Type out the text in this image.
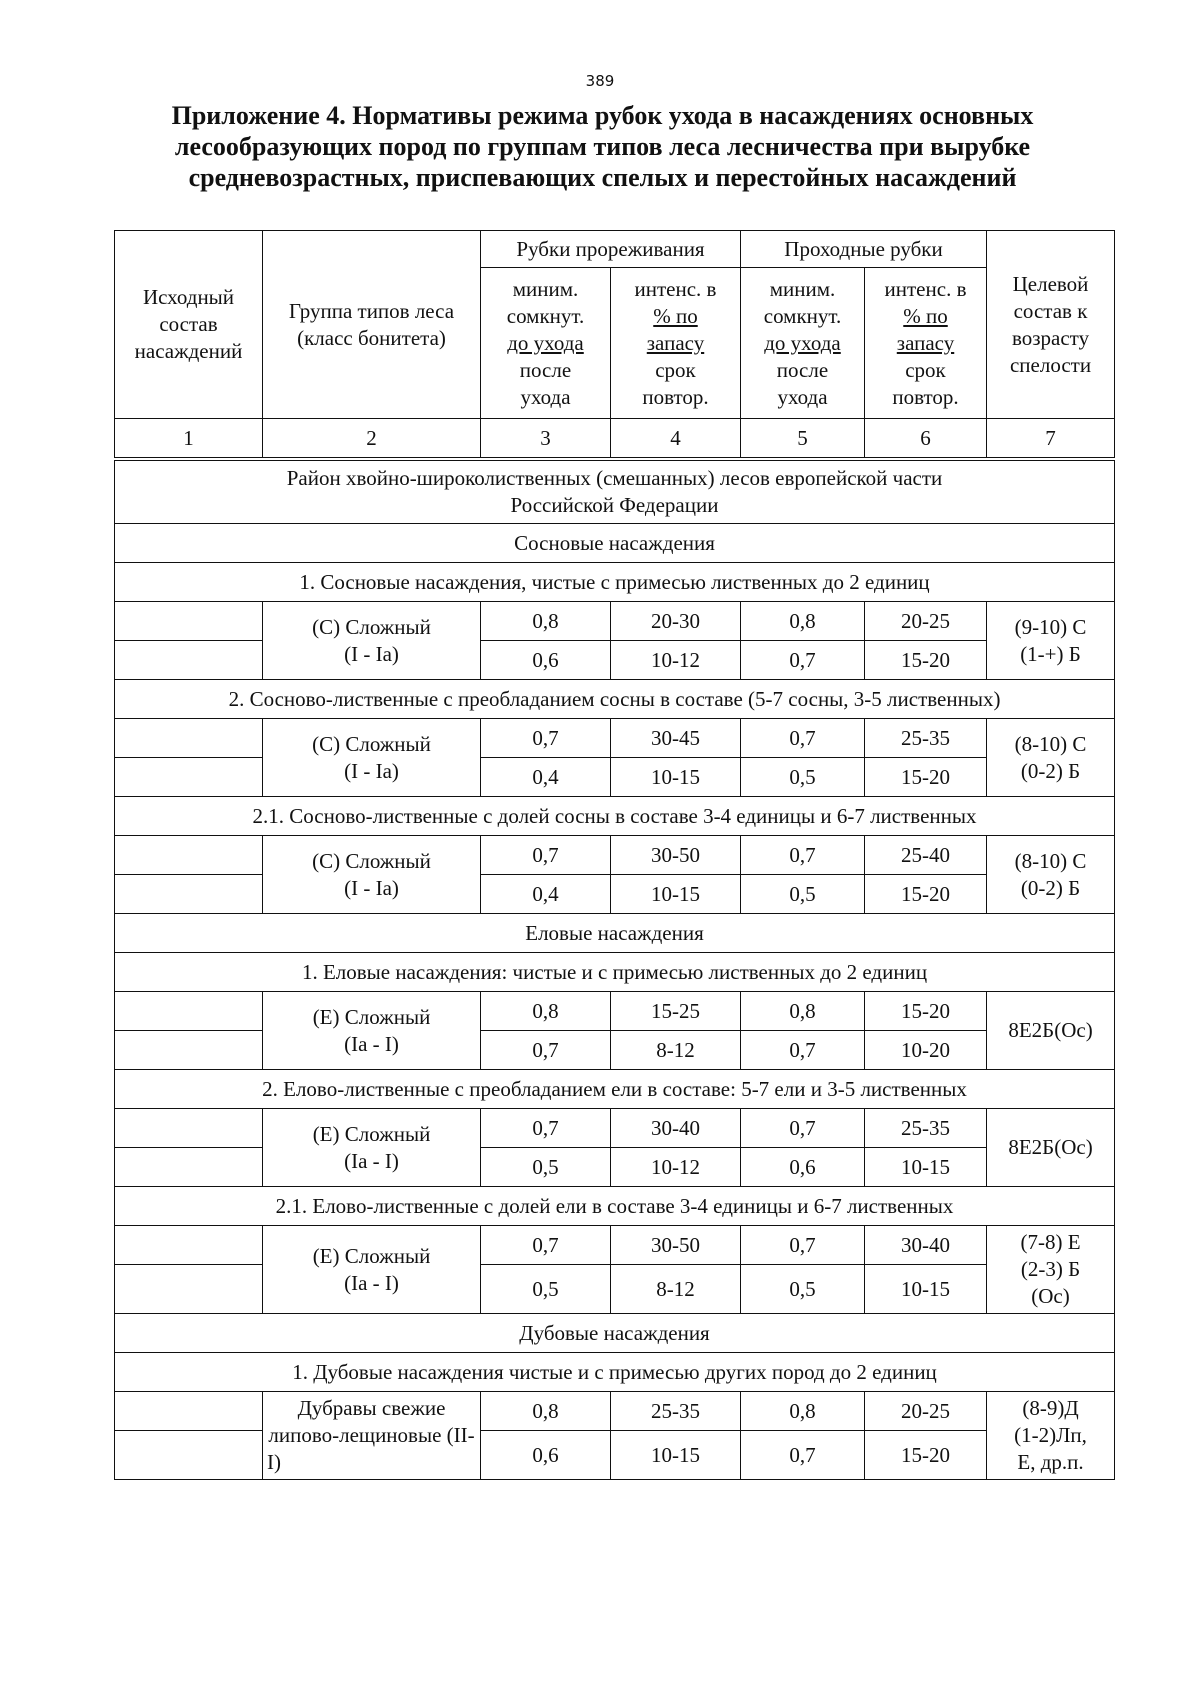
389
Приложение 4. Нормативы режима рубок ухода в насаждениях основных лесообразующих пород по группам типов леса лесничества при вырубке средневозрастных, приспевающих спелых и перестойных насаждений
Исходный состав насаждений	Группа типов леса (класс бонитета)	Рубки прореживания		Проходные рубки		Целевой состав к возрасту спелости

		миним.
сомкнут.
до ухода
после
ухода	интенс. в
% по
запасу
срок
повтор.	миним.
сомкнут.
до ухода
после
ухода	интенс. в
% по
запасу
срок
повтор.	

1	2	3	4	5	6	7

Район хвойно-широколиственных (смешанных) лесов европейской части
Российской Федерации						

Сосновые насаждения						
1. Сосновые насаждения, чистые с примесью лиственных до 2 единиц						

	(С) Сложный
(I - Iа)	0,8	20-30	0,8	20-25	(9-10) С
(1-+) Б

		0,6	10-12	0,7	15-20	
2. Сосново-лиственные с преобладанием сосны в составе (5-7 сосны, 3-5 лиственных)						

	(С) Сложный
(I - Iа)	0,7	30-45	0,7	25-35	(8-10) С
(0-2) Б

		0,4	10-15	0,5	15-20	
2.1. Сосново-лиственные с долей сосны в составе 3-4 единицы и 6-7 лиственных						

	(С) Сложный
(I - Iа)	0,7	30-50	0,7	25-40	(8-10) С
(0-2) Б

		0,4	10-15	0,5	15-20	
Еловые насаждения						
1. Еловые насаждения: чистые и с примесью лиственных до 2 единиц						

	(Е) Сложный
(Iа - I)	0,8	15-25	0,8	15-20	8Е2Б(Ос)

		0,7	8-12	0,7	10-20	
2. Елово-лиственные с преобладанием ели в составе: 5-7 ели и 3-5 лиственных						

	(Е) Сложный
(Iа - I)	0,7	30-40	0,7	25-35	8Е2Б(Ос)

		0,5	10-12	0,6	10-15	
2.1. Елово-лиственные с долей ели в составе 3-4 единицы и 6-7 лиственных						

	(Е) Сложный
(Iа - I)	0,7	30-50	0,7	30-40	(7-8) Е
(2-3) Б
(Ос)

		0,5	8-12	0,5	10-15	
Дубовые насаждения						
1. Дубовые насаждения чистые и с примесью других пород до 2 единиц						
	Дубравы свежие липово-лещиновые (II-I)	0,8	25-35	0,8	20-25	(8-9)Д
(1-2)Лп,
Е, др.п.

		0,6	10-15	0,7	15-20	
